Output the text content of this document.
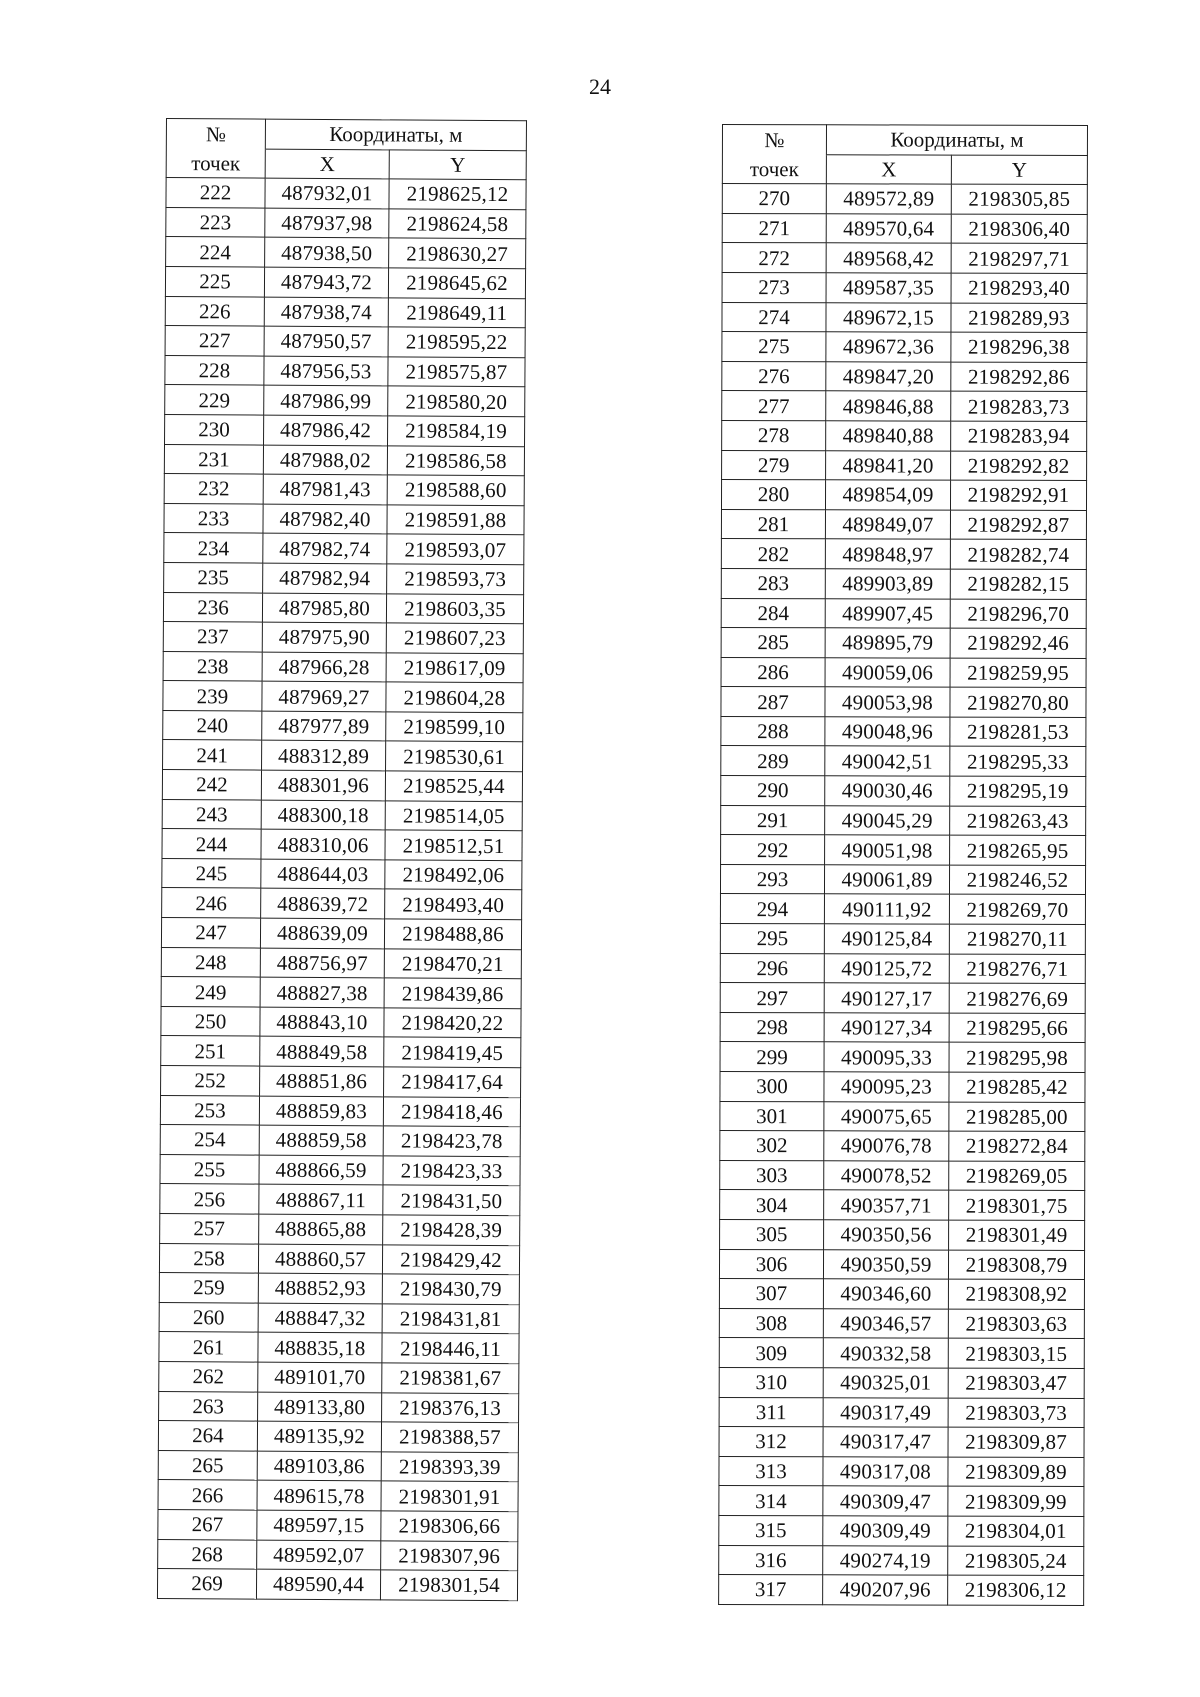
24
№	Координаты, м	
точек	X	Y
222	487932,01	2198625,12
223	487937,98	2198624,58
224	487938,50	2198630,27
225	487943,72	2198645,62
226	487938,74	2198649,11
227	487950,57	2198595,22
228	487956,53	2198575,87
229	487986,99	2198580,20
230	487986,42	2198584,19
231	487988,02	2198586,58
232	487981,43	2198588,60
233	487982,40	2198591,88
234	487982,74	2198593,07
235	487982,94	2198593,73
236	487985,80	2198603,35
237	487975,90	2198607,23
238	487966,28	2198617,09
239	487969,27	2198604,28
240	487977,89	2198599,10
241	488312,89	2198530,61
242	488301,96	2198525,44
243	488300,18	2198514,05
244	488310,06	2198512,51
245	488644,03	2198492,06
246	488639,72	2198493,40
247	488639,09	2198488,86
248	488756,97	2198470,21
249	488827,38	2198439,86
250	488843,10	2198420,22
251	488849,58	2198419,45
252	488851,86	2198417,64
253	488859,83	2198418,46
254	488859,58	2198423,78
255	488866,59	2198423,33
256	488867,11	2198431,50
257	488865,88	2198428,39
258	488860,57	2198429,42
259	488852,93	2198430,79
260	488847,32	2198431,81
261	488835,18	2198446,11
262	489101,70	2198381,67
263	489133,80	2198376,13
264	489135,92	2198388,57
265	489103,86	2198393,39
266	489615,78	2198301,91
267	489597,15	2198306,66
268	489592,07	2198307,96
269	489590,44	2198301,54
№	Координаты, м	
точек	X	Y
270	489572,89	2198305,85
271	489570,64	2198306,40
272	489568,42	2198297,71
273	489587,35	2198293,40
274	489672,15	2198289,93
275	489672,36	2198296,38
276	489847,20	2198292,86
277	489846,88	2198283,73
278	489840,88	2198283,94
279	489841,20	2198292,82
280	489854,09	2198292,91
281	489849,07	2198292,87
282	489848,97	2198282,74
283	489903,89	2198282,15
284	489907,45	2198296,70
285	489895,79	2198292,46
286	490059,06	2198259,95
287	490053,98	2198270,80
288	490048,96	2198281,53
289	490042,51	2198295,33
290	490030,46	2198295,19
291	490045,29	2198263,43
292	490051,98	2198265,95
293	490061,89	2198246,52
294	490111,92	2198269,70
295	490125,84	2198270,11
296	490125,72	2198276,71
297	490127,17	2198276,69
298	490127,34	2198295,66
299	490095,33	2198295,98
300	490095,23	2198285,42
301	490075,65	2198285,00
302	490076,78	2198272,84
303	490078,52	2198269,05
304	490357,71	2198301,75
305	490350,56	2198301,49
306	490350,59	2198308,79
307	490346,60	2198308,92
308	490346,57	2198303,63
309	490332,58	2198303,15
310	490325,01	2198303,47
311	490317,49	2198303,73
312	490317,47	2198309,87
313	490317,08	2198309,89
314	490309,47	2198309,99
315	490309,49	2198304,01
316	490274,19	2198305,24
317	490207,96	2198306,12
